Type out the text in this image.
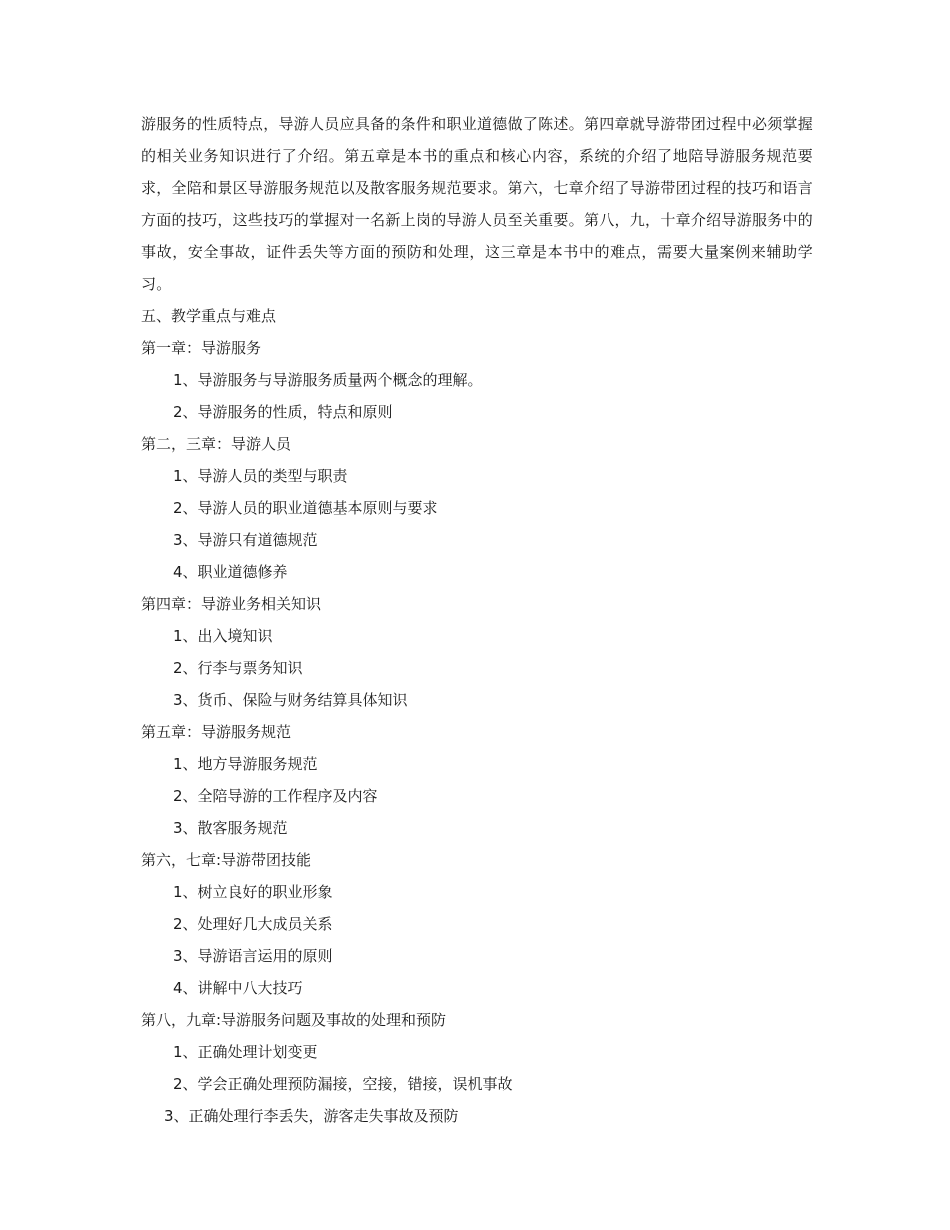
游服务的性质特点，导游人员应具备的条件和职业道德做了陈述。第四章就导游带团过程中必须掌握的相关业务知识进行了介绍。第五章是本书的重点和核心内容，系统的介绍了地陪导游服务规范要求，全陪和景区导游服务规范以及散客服务规范要求。第六，七章介绍了导游带团过程的技巧和语言方面的技巧，这些技巧的掌握对一名新上岗的导游人员至关重要。第八，九，十章介绍导游服务中的事故，安全事故，证件丢失等方面的预防和处理，这三章是本书中的难点，需要大量案例来辅助学习。

五、教学重点与难点
第一章：导游服务
1、导游服务与导游服务质量两个概念的理解。
2、导游服务的性质，特点和原则
第二，三章：导游人员
1、导游人员的类型与职责
2、导游人员的职业道德基本原则与要求
3、导游只有道德规范
4、职业道德修养
第四章：导游业务相关知识
1、出入境知识
2、行李与票务知识
3、货币、保险与财务结算具体知识
第五章：导游服务规范
1、地方导游服务规范
2、全陪导游的工作程序及内容
3、散客服务规范
第六，七章:导游带团技能
1、树立良好的职业形象
2、处理好几大成员关系
3、导游语言运用的原则
4、讲解中八大技巧
第八，九章:导游服务问题及事故的处理和预防
1、正确处理计划变更
2、学会正确处理预防漏接，空接，错接，误机事故
3、正确处理行李丢失，游客走失事故及预防
